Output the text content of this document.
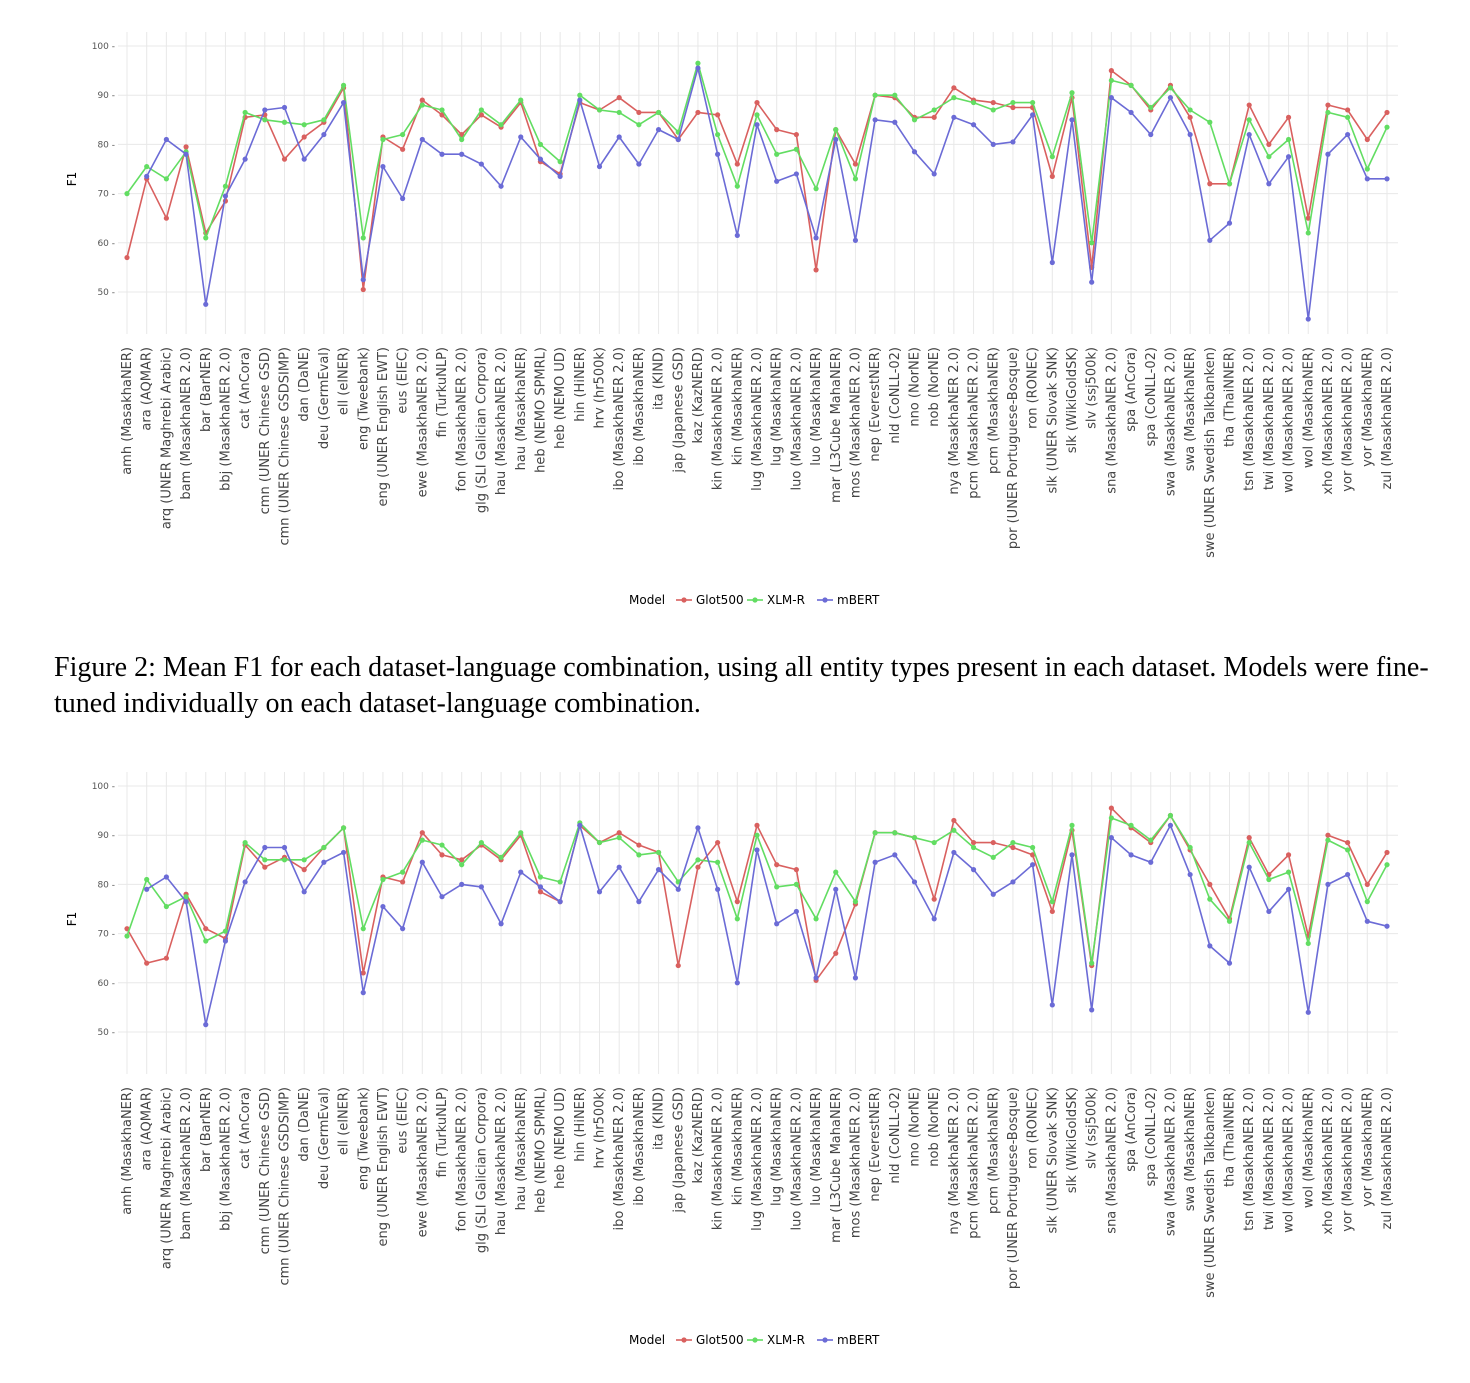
50 -
60 -
70 -
80 -
90 -
100 -
F1
amh (MasakhaNER) ara (AQMAR) arq (UNER Maghrebi Arabic) bam (MasakhaNER 2.0) bar (BarNER) bbj (MasakhaNER 2.0) cat (AnCora) cmn (UNER Chinese GSD) cmn (UNER Chinese GSDSIMP) dan (DaNE) deu (GermEval) ell (elNER) eng (Tweebank) eng (UNER English EWT) eus (EIEC) ewe (MasakhaNER 2.0) fin (TurkuNLP) fon (MasakhaNER 2.0) glg (SLI Galician Corpora) hau (MasakhaNER 2.0) hau (MasakhaNER) heb (NEMO SPMRL) heb (NEMO UD) hin (HiNER) hrv (hr500k) ibo (MasakhaNER 2.0) ibo (MasakhaNER) ita (KIND) jap (Japanese GSD) kaz (KazNERD) kin (MasakhaNER 2.0) kin (MasakhaNER) lug (MasakhaNER 2.0) lug (MasakhaNER) luo (MasakhaNER 2.0) luo (MasakhaNER) mar (L3Cube MahaNER) mos (MasakhaNER 2.0) nep (EverestNER) nld (CoNLL-02) nno (NorNE) nob (NorNE) nya (MasakhaNER 2.0) pcm (MasakhaNER 2.0) pcm (MasakhaNER) por (UNER Portuguese-Bosque) ron (RONEC) slk (UNER Slovak SNK) slk (WikiGoldSK) slv (ssj500k) sna (MasakhaNER 2.0) spa (AnCora) spa (CoNLL-02) swa (MasakhaNER 2.0) swa (MasakhaNER) swe (UNER Swedish Talkbanken) tha (ThaiNNER) tsn (MasakhaNER 2.0) twi (MasakhaNER 2.0) wol (MasakhaNER 2.0) wol (MasakhaNER) xho (MasakhaNER 2.0) yor (MasakhaNER 2.0) yor (MasakhaNER) zul (MasakhaNER 2.0)
Model	Glot500 XLM-R	mBERT

Figure 2: Mean F1 for each dataset-language combination, using all entity types present in each dataset. Models were fine-tuned individually on each dataset-language combination.

50 -
60 -
70 -
80 -
90 -
100 -
F1
amh (MasakhaNER) ara (AQMAR) arq (UNER Maghrebi Arabic) bam (MasakhaNER 2.0) bar (BarNER) bbj (MasakhaNER 2.0) cat (AnCora) cmn (UNER Chinese GSD) cmn (UNER Chinese GSDSIMP) dan (DaNE) deu (GermEval) ell (elNER) eng (Tweebank) eng (UNER English EWT) eus (EIEC) ewe (MasakhaNER 2.0) fin (TurkuNLP) fon (MasakhaNER 2.0) glg (SLI Galician Corpora) hau (MasakhaNER 2.0) hau (MasakhaNER) heb (NEMO SPMRL) heb (NEMO UD) hin (HiNER) hrv (hr500k) ibo (MasakhaNER 2.0) ibo (MasakhaNER) ita (KIND) jap (Japanese GSD) kaz (KazNERD) kin (MasakhaNER 2.0) kin (MasakhaNER) lug (MasakhaNER 2.0) lug (MasakhaNER) luo (MasakhaNER 2.0) luo (MasakhaNER) mar (L3Cube MahaNER) mos (MasakhaNER 2.0) nep (EverestNER) nld (CoNLL-02) nno (NorNE) nob (NorNE) nya (MasakhaNER 2.0) pcm (MasakhaNER 2.0) pcm (MasakhaNER) por (UNER Portuguese-Bosque) ron (RONEC) slk (UNER Slovak SNK) slk (WikiGoldSK) slv (ssj500k) sna (MasakhaNER 2.0) spa (AnCora) spa (CoNLL-02) swa (MasakhaNER 2.0) swa (MasakhaNER) swe (UNER Swedish Talkbanken) tha (ThaiNNER) tsn (MasakhaNER 2.0) twi (MasakhaNER 2.0) wol (MasakhaNER 2.0) wol (MasakhaNER) xho (MasakhaNER 2.0) yor (MasakhaNER 2.0) yor (MasakhaNER) zul (MasakhaNER 2.0)
Model	Glot500 XLM-R	mBERT
